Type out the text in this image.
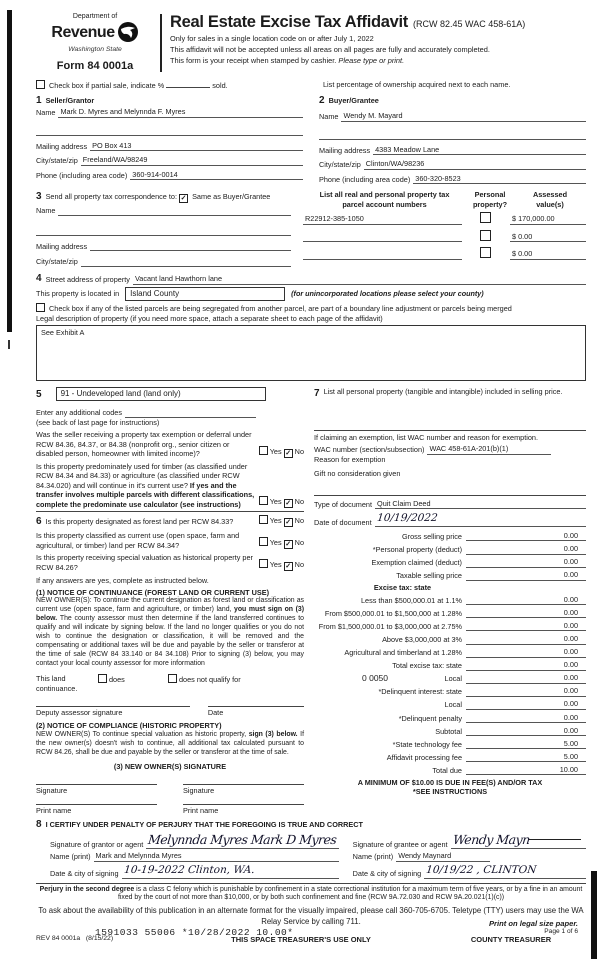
Department of
Revenue
Washington State
Form 84 0001a
Real Estate Excise Tax Affidavit (RCW 82.45 WAC 458-61A)
Only for sales in a single location code on or after July 1, 2022
This affidavit will not be accepted unless all areas on all pages are fully and accurately completed.
This form is your receipt when stamped by cashier. Please type or print.
Check box if partial sale, indicate %	sold.	List percentage of ownership acquired next to each name.
1 Seller/Grantor
Name Mark D. Myres and Melynnda F. Myres
Mailing address PO Box 413
City/state/zip Freeland/WA/98249
Phone (including area code) 360-914-0014
2 Buyer/Grantee
Name Wendy M. Mayard
Mailing address 4383 Meadow Lane
City/state/zip Clinton/WA/98236
Phone (including area code) 360-320-8523
3 Send all property tax correspondence to: ✓ Same as Buyer/Grantee
Name
Mailing address
City/state/zip
List all real and personal property tax
parcel account numbers
Personal
property?
Assessed
value(s)
R22912-385-1050	$ 170,000.00
$ 0.00
$ 0.00
4 Street address of property Vacant land Hawthorn lane
This property is located in	Island County	(for unincorporated locations please select your county)
Check box if any of the listed parcels are being segregated from another parcel, are part of a boundary line adjustment or parcels being merged
Legal description of property (if you need more space, attach a separate sheet to each page of the affidavit)
See Exhibit A
5	91 - Undeveloped land (land only)
Enter any additional codes
(see back of last page for instructions)
Was the seller receiving a property tax exemption or deferral under RCW 84.36, 84.37, or 84.38 (nonprofit org., senior citizen or disabled person, homeowner with limited income)?	Yes ✓ No
Is this property predominately used for timber (as classified under RCW 84.34 and 84.33) or agriculture (as classified under RCW 84.34.020) and will continue in it's current use? If yes and the transfer involves multiple parcels with different classifications, complete the predominate use calculator (see instructions)	Yes ✓ No
6 Is this property designated as forest land per RCW 84.33?	Yes ✓ No
Is this property classified as current use (open space, farm and agricultural, or timber) land per RCW 84.34?	Yes ✓ No
Is this property receiving special valuation as historical property per RCW 84.26?	Yes ✓ No
If any answers are yes, complete as instructed below.
(1) NOTICE OF CONTINUANCE (FOREST LAND OR CURRENT USE)
NEW OWNER(S): To continue the current designation as forest land or classification as current use (open space, farm and agriculture, or timber) land, you must sign on (3) below. The county assessor must then determine if the land transferred continues to qualify and will indicate by signing below. If the land no longer qualifies or you do not wish to continue the designation or classification, it will be removed and the compensating or additional taxes will be due and payable by the seller or transferor at the time of sale (RCW 84 33.140 or 84 34.108) Prior to signing (3) below, you may contact your local county assessor for more information
This land	does	does not qualify for
continuance.
Deputy assessor signature	Date
(2) NOTICE OF COMPLIANCE (HISTORIC PROPERTY)
NEW OWNER(S) To continue special valuation as historic property, sign (3) below. If the new owner(s) doesn't wish to continue, all additional tax calculated pursuant to RCW 84.26, shall be due and payable by the seller or transferor at the time of sale.
(3) NEW OWNER(S) SIGNATURE
Signature	Signature
Print name	Print name
7 List all personal property (tangible and intangible) included in selling price.
If claiming an exemption, list WAC number and reason for exemption.
WAC number (section/subsection) WAC 458-61A-201(b)(1)
Reason for exemption
Gift no consideration given
Type of document Quit Claim Deed
Date of document 10/19/2022
Gross selling price	0.00
*Personal property (deduct)	0.00
Exemption claimed (deduct)	0.00
Taxable selling price	0.00
Excise tax: state
Less than $500,000.01 at 1.1%	0.00
From $500,000.01 to $1,500,000 at 1.28%	0.00
From $1,500,000.01 to $3,000,000 at 2.75%	0.00
Above $3,000,000 at 3%	0.00
Agricultural and timberland at 1.28%	0.00
Total excise tax: state	0.00
0 0050	Local	0.00
*Delinquent interest: state	0.00
Local	0.00
*Delinquent penalty	0.00
Subtotal	0.00
*State technology fee	5.00
Affidavit processing fee	5.00
Total due	10.00
A MINIMUM OF $10.00 IS DUE IN FEE(S) AND/OR TAX
*SEE INSTRUCTIONS
8 I CERTIFY UNDER PENALTY OF PERJURY THAT THE FOREGOING IS TRUE AND CORRECT
Signature of grantor or agent Melynnda Myres Mark D Myres
Name (print) Mark and Melynnda Myres
Date & city of signing 10-19-2022 Clinton, WA.
Signature of grantee or agent Wendy Mayn
Name (print) Wendy Maynard
Date & city of signing 10/19/22 , CLINTON
Perjury in the second degree is a class C felony which is punishable by confinement in a state correctional institution for a maximum term of five years, or by a fine in an amount fixed by the court of not more than $10,000, or by both such confinement and fine (RCW 9A.72.030 and RCW 9A.20.021(1)(c))
To ask about the availability of this publication in an alternate format for the visually impaired, please call 360-705-6705. Teletype (TTY) users may use the WA Relay Service by calling 711.
REV 84 0001a (8/15/22)	THIS SPACE TREASURER'S USE ONLY	COUNTY TREASURER
1591033 55006 *10/28/2022 10.00*
Print on legal size paper.
Page 1 of 6
